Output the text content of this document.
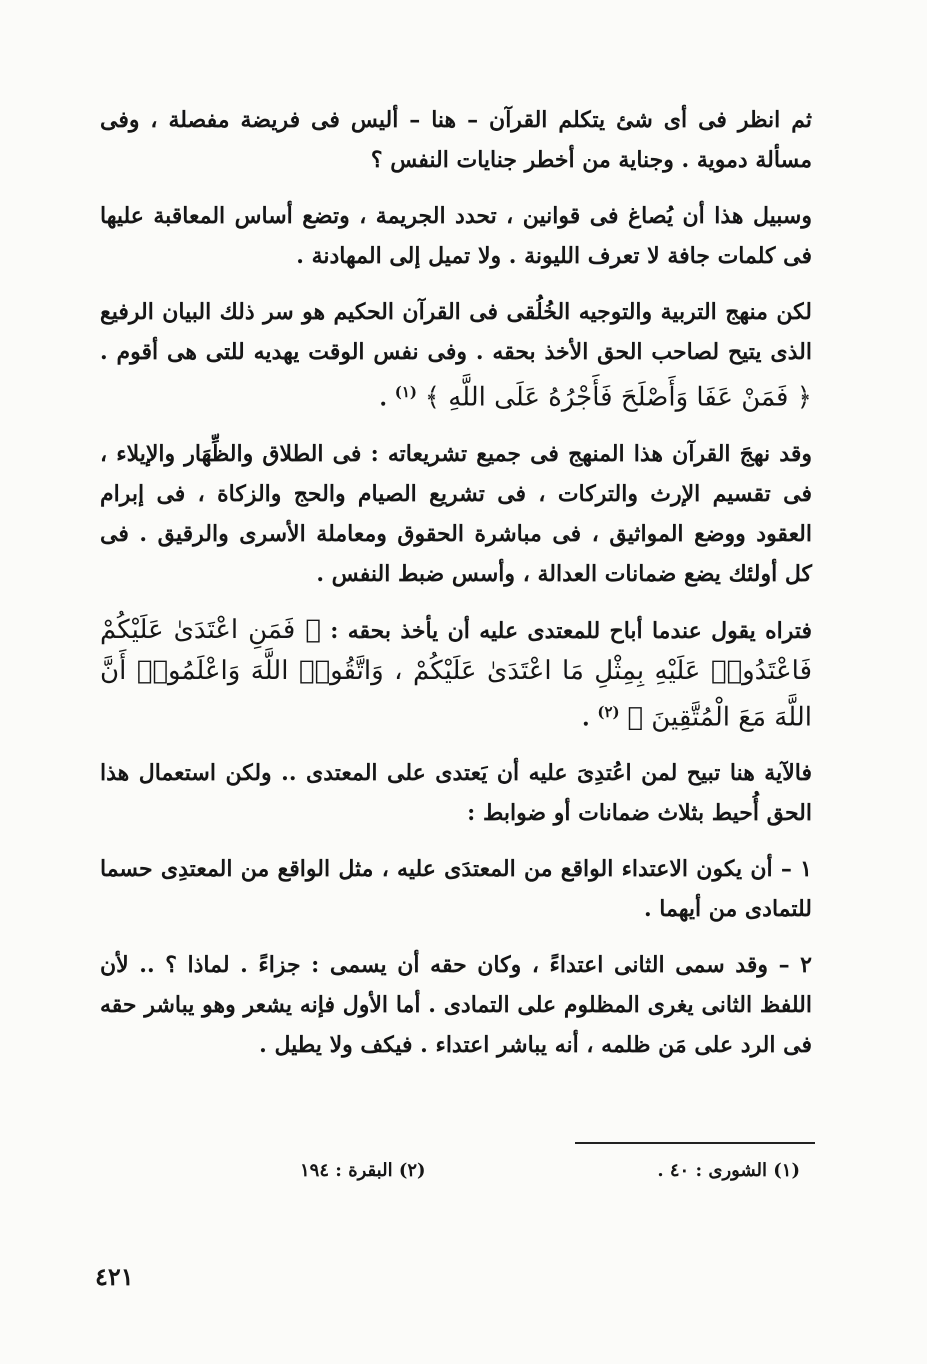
ثم انظر فى أى شئ يتكلم القرآن – هنا – أليس فى فريضة مفصلة ، وفى مسألة دموية . وجناية من أخطر جنايات النفس ؟

وسبيل هذا أن يُصاغ فى قوانين ، تحدد الجريمة ، وتضع أساس المعاقبة عليها فى كلمات جافة لا تعرف الليونة . ولا تميل إلى المهادنة .

لكن منهج التربية والتوجيه الخُلُقى فى القرآن الحكيم هو سر ذلك البيان الرفيع الذى يتيح لصاحب الحق الأخذ بحقه . وفى نفس الوقت يهديه للتى هى أقوم . ﴿ فَمَنْ عَفَا وَأَصْلَحَ فَأَجْرُهُ عَلَى اللَّهِ ﴾ $^{(١)}$ .

وقد نهجَ القرآن هذا المنهج فى جميع تشريعاته : فى الطلاق والظِّهَار والإيلاء ، فى تقسيم الإرث والتركات ، فى تشريع الصيام والحج والزكاة ، فى إبرام العقود ووضع المواثيق ، فى مباشرة الحقوق ومعاملة الأسرى والرقيق . فى كل أولئك يضع ضمانات العدالة ، وأسس ضبط النفس .

فتراه يقول عندما أباح للمعتدى عليه أن يأخذ بحقه : ﴿ فَمَنِ اعْتَدَىٰ عَلَيْكُمْ فَاعْتَدُوا۟ عَلَيْهِ بِمِثْلِ مَا اعْتَدَىٰ عَلَيْكُمْ ، وَاتَّقُوا۟ اللَّهَ وَاعْلَمُوا۟ أَنَّ اللَّهَ مَعَ الْمُتَّقِينَ ﴾ $^{(٢)}$ .

فالآية هنا تبيح لمن اعُتدِىَ عليه أن يَعتدى على المعتدى .. ولكن استعمال هذا الحق أُحيط بثلاث ضمانات أو ضوابط :

١ – أن يكون الاعتداء الواقع من المعتدَى عليه ، مثل الواقع من المعتدِى حسما للتمادى من أيهما .

٢ – وقد سمى الثانى اعتداءً ، وكان حقه أن يسمى : جزاءً . لماذا ؟ .. لأن اللفظ الثانى يغرى المظلوم على التمادى . أما الأول فإنه يشعر وهو يباشر حقه فى الرد على مَن ظلمه ، أنه يباشر اعتداء . فيكف ولا يطيل .

(١) الشورى : ٤٠ .
(٢) البقرة : ١٩٤
٤٢١
